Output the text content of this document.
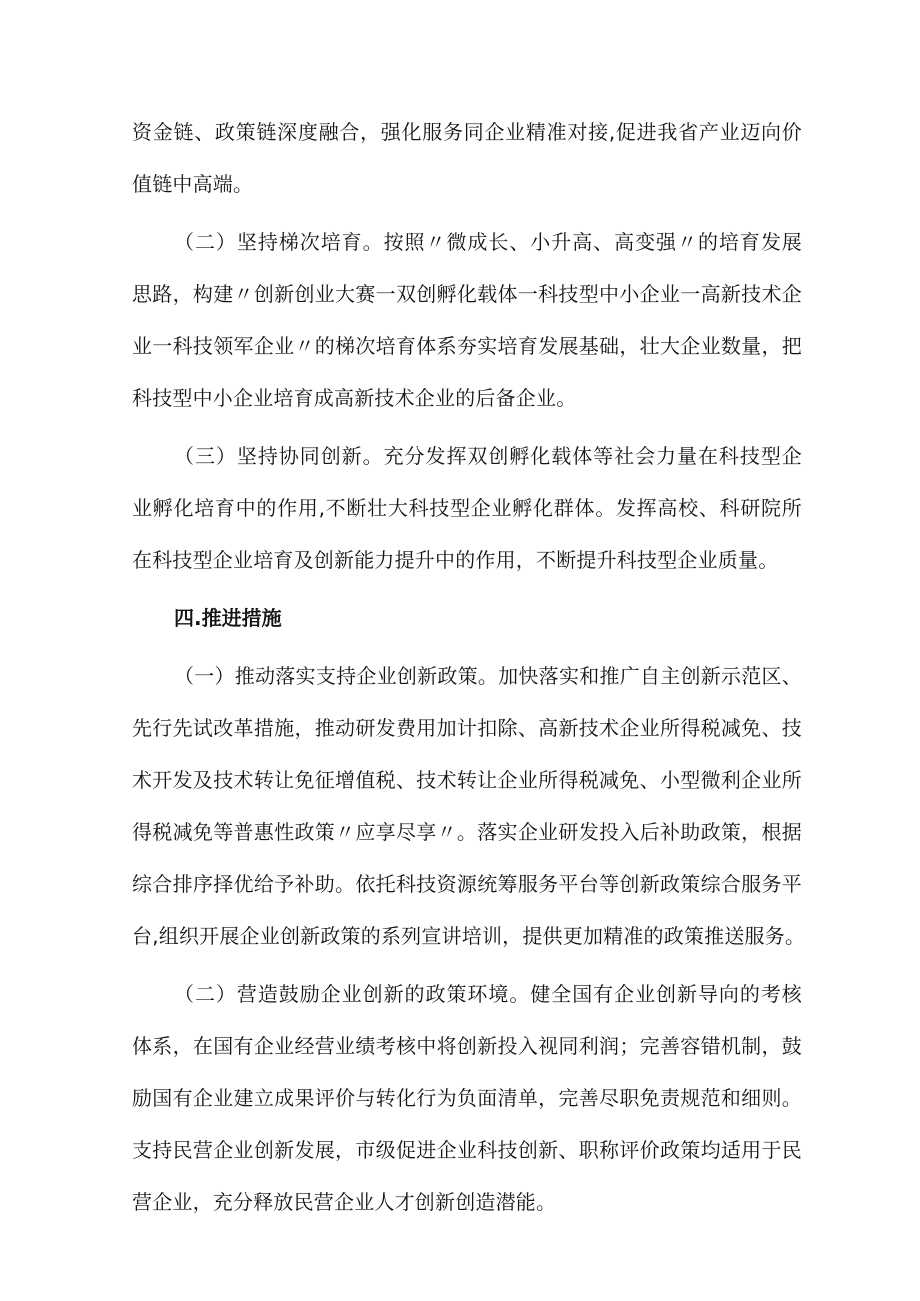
资金链、政策链深度融合，强化服务同企业精准对接,促进我省产业迈向价
值链中高端。
（二）坚持梯次培育。按照〃微成长、小升高、高变强〃的培育发展
思路，构建〃创新创业大赛一双创孵化载体一科技型中小企业一高新技术企
业一科技领军企业〃的梯次培育体系夯实培育发展基础，壮大企业数量，把
科技型中小企业培育成高新技术企业的后备企业。
（三）坚持协同创新。充分发挥双创孵化载体等社会力量在科技型企
业孵化培育中的作用,不断壮大科技型企业孵化群体。发挥高校、科研院所
在科技型企业培育及创新能力提升中的作用，不断提升科技型企业质量。
四.推进措施
（一）推动落实支持企业创新政策。加快落实和推广自主创新示范区、
先行先试改革措施，推动研发费用加计扣除、高新技术企业所得税减免、技
术开发及技术转让免征增值税、技术转让企业所得税减免、小型微利企业所
得税减免等普惠性政策〃应享尽享〃。落实企业研发投入后补助政策，根据
综合排序择优给予补助。依托科技资源统筹服务平台等创新政策综合服务平
台,组织开展企业创新政策的系列宣讲培训，提供更加精准的政策推送服务。
（二）营造鼓励企业创新的政策环境。健全国有企业创新导向的考核
体系，在国有企业经营业绩考核中将创新投入视同利润；完善容错机制，鼓
励国有企业建立成果评价与转化行为负面清单，完善尽职免责规范和细则。
支持民营企业创新发展，市级促进企业科技创新、职称评价政策均适用于民
营企业，充分释放民营企业人才创新创造潜能。
